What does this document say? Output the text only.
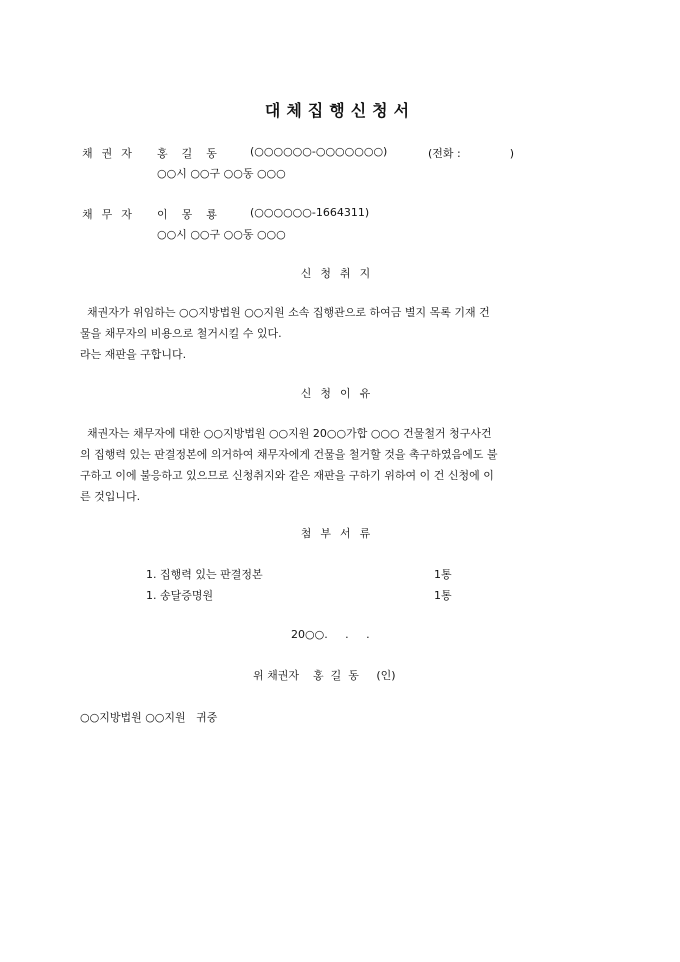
대체집행신청서
채권자 홍    길    동	(○○○○○○-○○○○○○○)	(전화 :              )
○○시 ○○구 ○○동 ○○○
채무자 이    몽    룡	(○○○○○○-1664311)
○○시 ○○구 ○○동 ○○○
신청취지
채권자가 위임하는 ○○지방법원 ○○지원 소속 집행관으로 하여금 별지 목록 기재 건
물을 채무자의 비용으로 철거시킬 수 있다.
라는 재판을 구합니다.
신청이유
채권자는 채무자에 대한 ○○지방법원 ○○지원 20○○가합 ○○○ 건물철거 청구사건
의 집행력 있는 판결정본에 의거하여 채무자에게 건물을 철거할 것을 촉구하였음에도 불
구하고 이에 불응하고 있으므로 신청취지와 같은 재판을 구하기 위하여 이 건 신청에 이
른 것입니다.
첨부서류
1. 집행력 있는 판결정본	1통
1. 송달증명원	1통
20○○.     .     .
위 채권자    홍  길  동     (인)
○○지방법원 ○○지원   귀중
